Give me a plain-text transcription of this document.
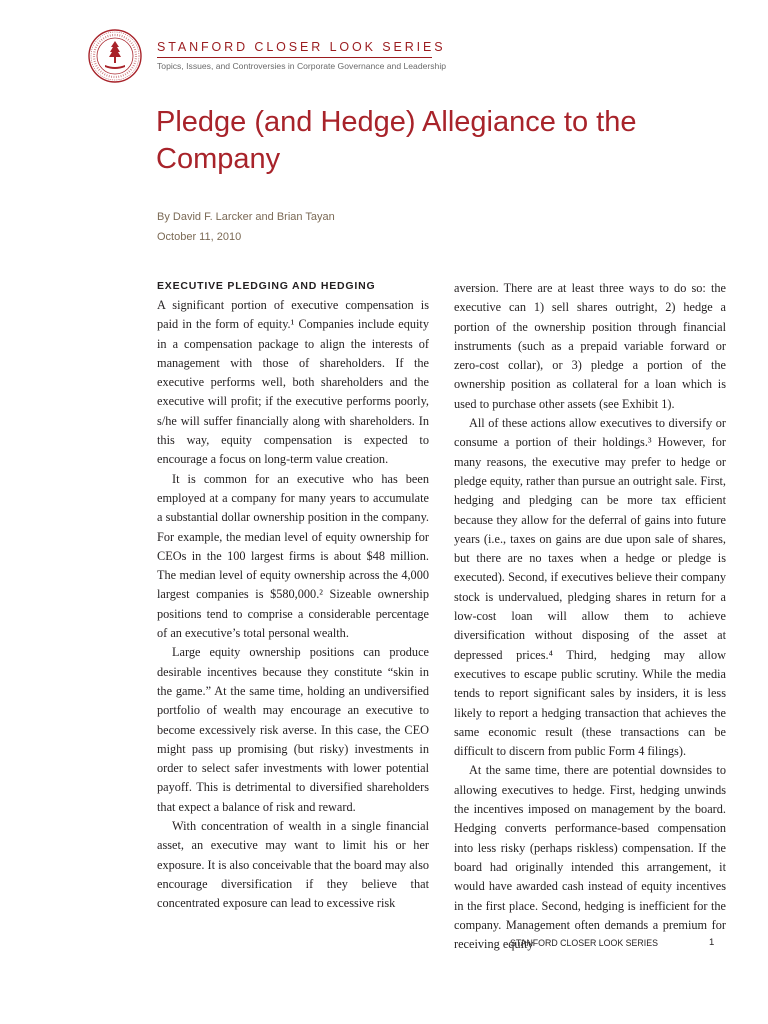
STANFORD CLOSER LOOK SERIES
Topics, Issues, and Controversies in Corporate Governance and Leadership
Pledge (and Hedge) Allegiance to the Company
By David F. Larcker and Brian Tayan
October 11, 2010
EXECUTIVE PLEDGING AND HEDGING

A significant portion of executive compensation is paid in the form of equity.¹ Companies include equity in a compensation package to align the interests of management with those of shareholders. If the executive performs well, both shareholders and the executive will profit; if the executive performs poorly, s/he will suffer financially along with shareholders. In this way, equity compensation is expected to encourage a focus on long-term value creation.

It is common for an executive who has been employed at a company for many years to accumulate a substantial dollar ownership position in the company. For example, the median level of equity ownership for CEOs in the 100 largest firms is about $48 million. The median level of equity ownership across the 4,000 largest companies is $580,000.² Sizeable ownership positions tend to comprise a considerable percentage of an executive’s total personal wealth.

Large equity ownership positions can produce desirable incentives because they constitute “skin in the game.” At the same time, holding an undiversified portfolio of wealth may encourage an executive to become excessively risk averse. In this case, the CEO might pass up promising (but risky) investments in order to select safer investments with lower potential payoff. This is detrimental to diversified shareholders that expect a balance of risk and reward.

With concentration of wealth in a single financial asset, an executive may want to limit his or her exposure. It is also conceivable that the board may also encourage diversification if they believe that concentrated exposure can lead to excessive risk

aversion. There are at least three ways to do so: the executive can 1) sell shares outright, 2) hedge a portion of the ownership position through financial instruments (such as a prepaid variable forward or zero-cost collar), or 3) pledge a portion of the ownership position as collateral for a loan which is used to purchase other assets (see Exhibit 1).

All of these actions allow executives to diversify or consume a portion of their holdings.³ However, for many reasons, the executive may prefer to hedge or pledge equity, rather than pursue an outright sale. First, hedging and pledging can be more tax efficient because they allow for the deferral of gains into future years (i.e., taxes on gains are due upon sale of shares, but there are no taxes when a hedge or pledge is executed). Second, if executives believe their company stock is undervalued, pledging shares in return for a low-cost loan will allow them to achieve diversification without disposing of the asset at depressed prices.⁴ Third, hedging may allow executives to escape public scrutiny. While the media tends to report significant sales by insiders, it is less likely to report a hedging transaction that achieves the same economic result (these transactions can be difficult to discern from public Form 4 filings).

At the same time, there are potential downsides to allowing executives to hedge. First, hedging unwinds the incentives imposed on management by the board. Hedging converts performance-based compensation into less risky (perhaps riskless) compensation. If the board had originally intended this arrangement, it would have awarded cash instead of equity incentives in the first place. Second, hedging is inefficient for the company. Management often demands a premium for receiving equity

STANFORD CLOSER LOOK SERIES	1
